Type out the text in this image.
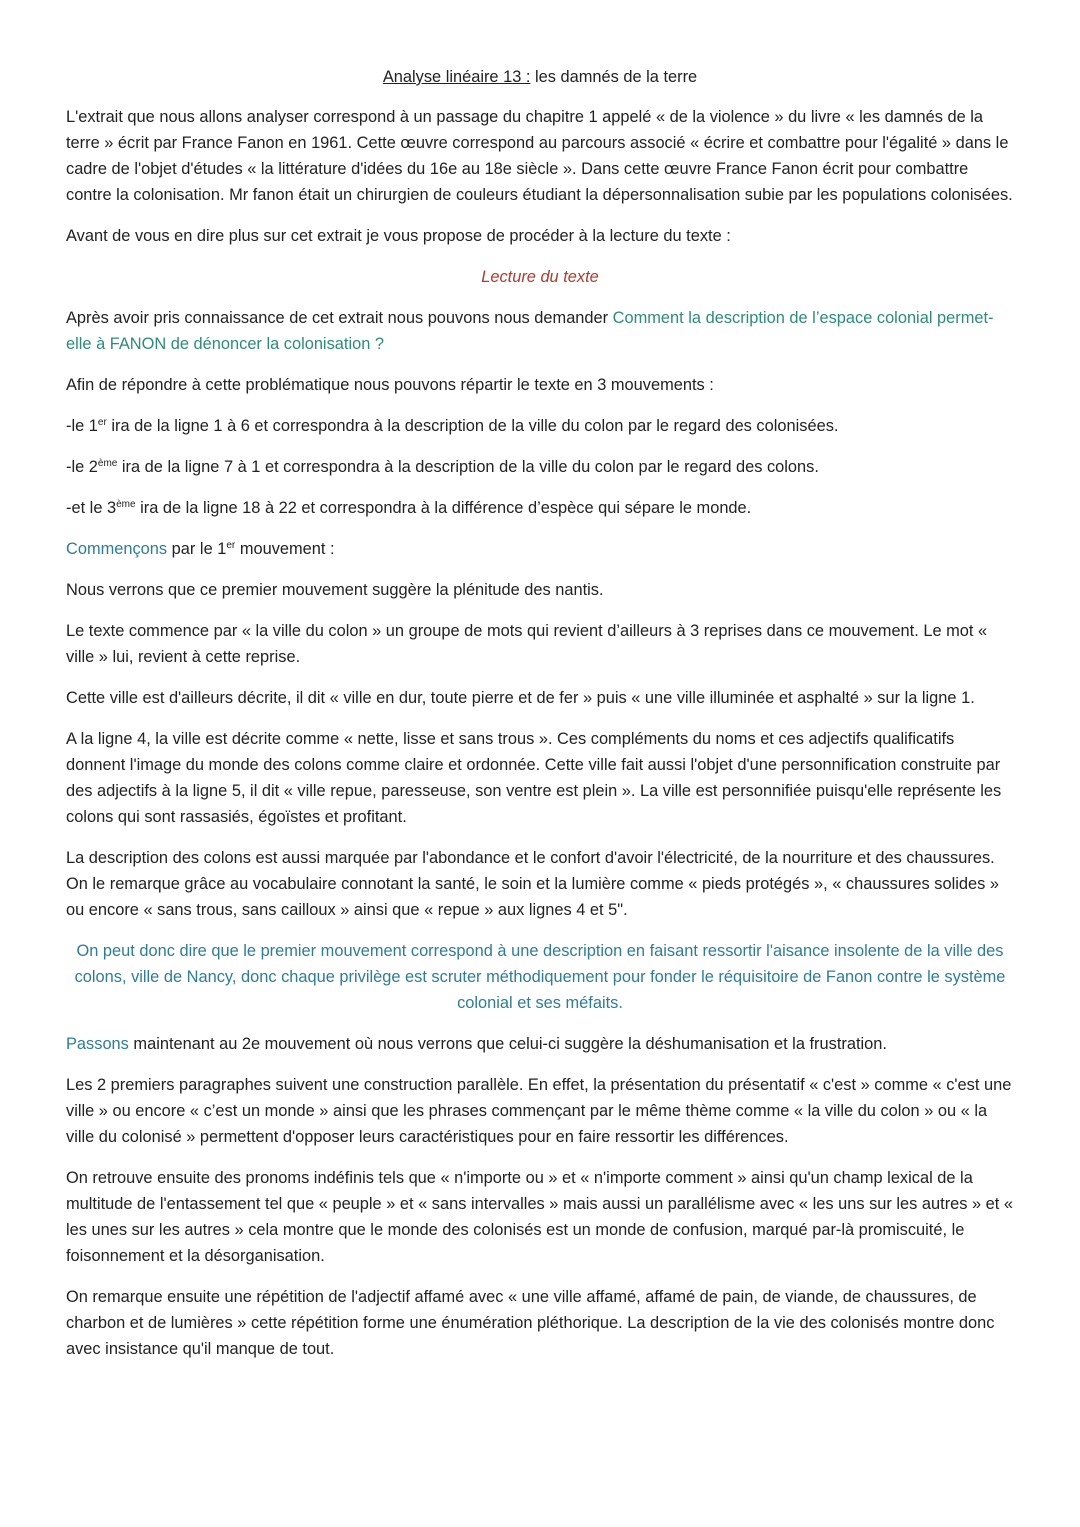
Analyse linéaire 13 : les damnés de la terre

L'extrait que nous allons analyser correspond à un passage du chapitre 1 appelé « de la violence » du livre « les damnés de la terre » écrit par France Fanon en 1961. Cette œuvre correspond au parcours associé « écrire et combattre pour l'égalité » dans le cadre de l'objet d'études « la littérature d'idées du 16e au 18e siècle ». Dans cette œuvre France Fanon écrit pour combattre contre la colonisation. Mr fanon était un chirurgien de couleurs étudiant la dépersonnalisation subie par les populations colonisées.

Avant de vous en dire plus sur cet extrait je vous propose de procéder à la lecture du texte :

Lecture du texte

Après avoir pris connaissance de cet extrait nous pouvons nous demander Comment la description de l’espace colonial permet-elle à FANON de dénoncer la colonisation ?

Afin de répondre à cette problématique nous pouvons répartir le texte en 3 mouvements :

-le 1er ira de la ligne 1 à 6 et correspondra à la description de la ville du colon par le regard des colonisées.

-le 2ème ira de la ligne 7 à 1 et correspondra à la description de la ville du colon par le regard des colons.

-et le 3ème ira de la ligne 18 à 22 et correspondra à la différence d’espèce qui sépare le monde.

Commençons par le 1er mouvement :

Nous verrons que ce premier mouvement suggère la plénitude des nantis.

Le texte commence par « la ville du colon » un groupe de mots qui revient d’ailleurs à 3 reprises dans ce mouvement. Le mot « ville » lui, revient à cette reprise.

Cette ville est d'ailleurs décrite, il dit « ville en dur, toute pierre et de fer » puis « une ville illuminée et asphalté » sur la ligne 1.

A la ligne 4, la ville est décrite comme « nette, lisse et sans trous ». Ces compléments du noms et ces adjectifs qualificatifs donnent l'image du monde des colons comme claire et ordonnée. Cette ville fait aussi l'objet d'une personnification construite par des adjectifs à la ligne 5, il dit « ville repue, paresseuse, son ventre est plein ». La ville est personnifiée puisqu'elle représente les colons qui sont rassasiés, égoïstes et profitant.

La description des colons est aussi marquée par l'abondance et le confort d'avoir l'électricité, de la nourriture et des chaussures. On le remarque grâce au vocabulaire connotant la santé, le soin et la lumière comme « pieds protégés », « chaussures solides » ou encore « sans trous, sans cailloux » ainsi que « repue » aux lignes 4 et 5".

On peut donc dire que le premier mouvement correspond à une description en faisant ressortir l'aisance insolente de la ville des colons, ville de Nancy, donc chaque privilège est scruter méthodiquement pour fonder le réquisitoire de Fanon contre le système colonial et ses méfaits.

Passons maintenant au 2e mouvement où nous verrons que celui-ci suggère la déshumanisation et la frustration.

Les 2 premiers paragraphes suivent une construction parallèle. En effet, la présentation du présentatif « c'est » comme « c'est une ville » ou encore « c’est un monde » ainsi que les phrases commençant par le même thème comme « la ville du colon » ou « la ville du colonisé » permettent d'opposer leurs caractéristiques pour en faire ressortir les différences.

On retrouve ensuite des pronoms indéfinis tels que « n'importe ou » et « n'importe comment » ainsi qu'un champ lexical de la multitude de l'entassement tel que « peuple » et « sans intervalles » mais aussi un parallélisme avec « les uns sur les autres » et « les unes sur les autres » cela montre que le monde des colonisés est un monde de confusion, marqué par-là promiscuité, le foisonnement et la désorganisation.

On remarque ensuite une répétition de l'adjectif affamé avec « une ville affamé, affamé de pain, de viande, de chaussures, de charbon et de lumières » cette répétition forme une énumération pléthorique. La description de la vie des colonisés montre donc avec insistance qu'il manque de tout.
